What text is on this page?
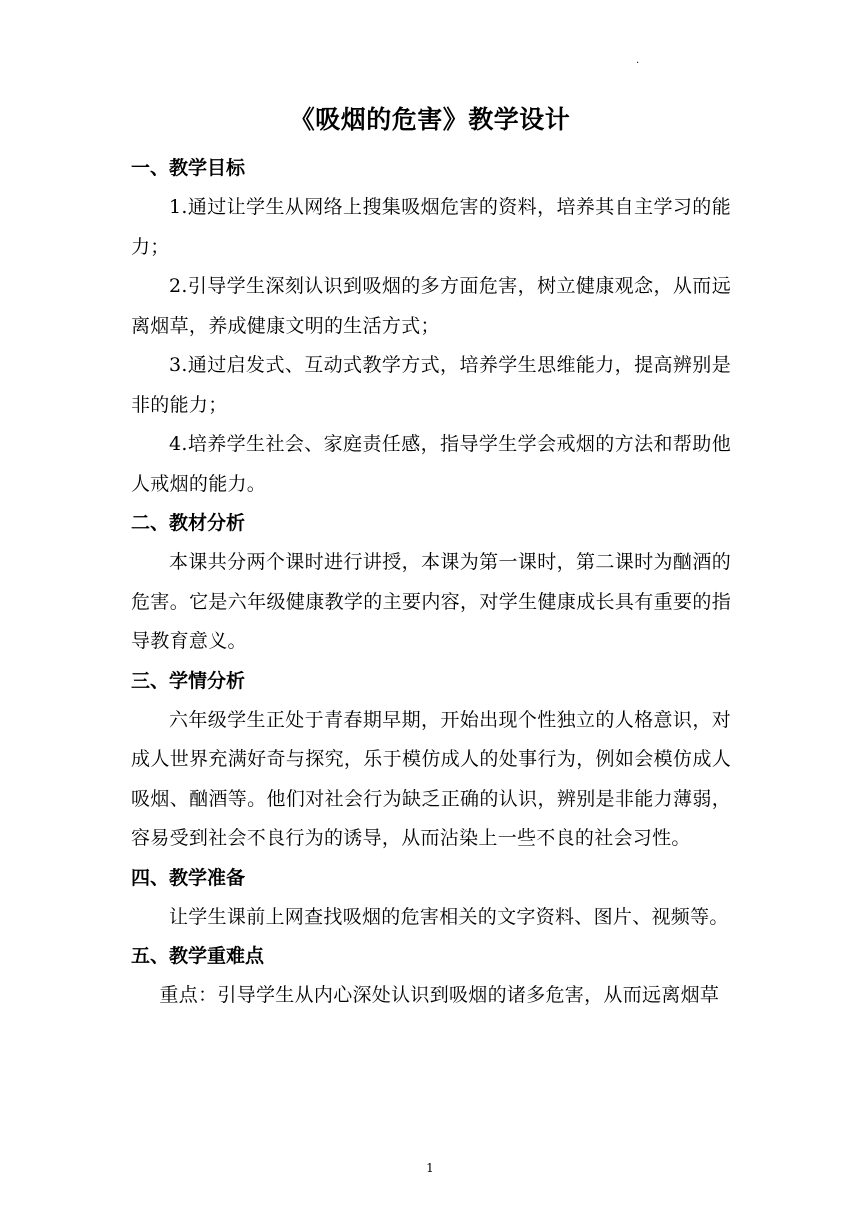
.
《吸烟的危害》教学设计

一、教学目标

1.通过让学生从网络上搜集吸烟危害的资料，培养其自主学习的能力；

2.引导学生深刻认识到吸烟的多方面危害，树立健康观念，从而远离烟草，养成健康文明的生活方式；

3.通过启发式、互动式教学方式，培养学生思维能力，提高辨别是非的能力；

4.培养学生社会、家庭责任感，指导学生学会戒烟的方法和帮助他人戒烟的能力。

二、教材分析

本课共分两个课时进行讲授，本课为第一课时，第二课时为酗酒的危害。它是六年级健康教学的主要内容，对学生健康成长具有重要的指导教育意义。

三、学情分析

六年级学生正处于青春期早期，开始出现个性独立的人格意识，对成人世界充满好奇与探究，乐于模仿成人的处事行为，例如会模仿成人吸烟、酗酒等。他们对社会行为缺乏正确的认识，辨别是非能力薄弱，容易受到社会不良行为的诱导，从而沾染上一些不良的社会习性。

四、教学准备

让学生课前上网查找吸烟的危害相关的文字资料、图片、视频等。

五、教学重难点

重点：引导学生从内心深处认识到吸烟的诸多危害，从而远离烟草

1
